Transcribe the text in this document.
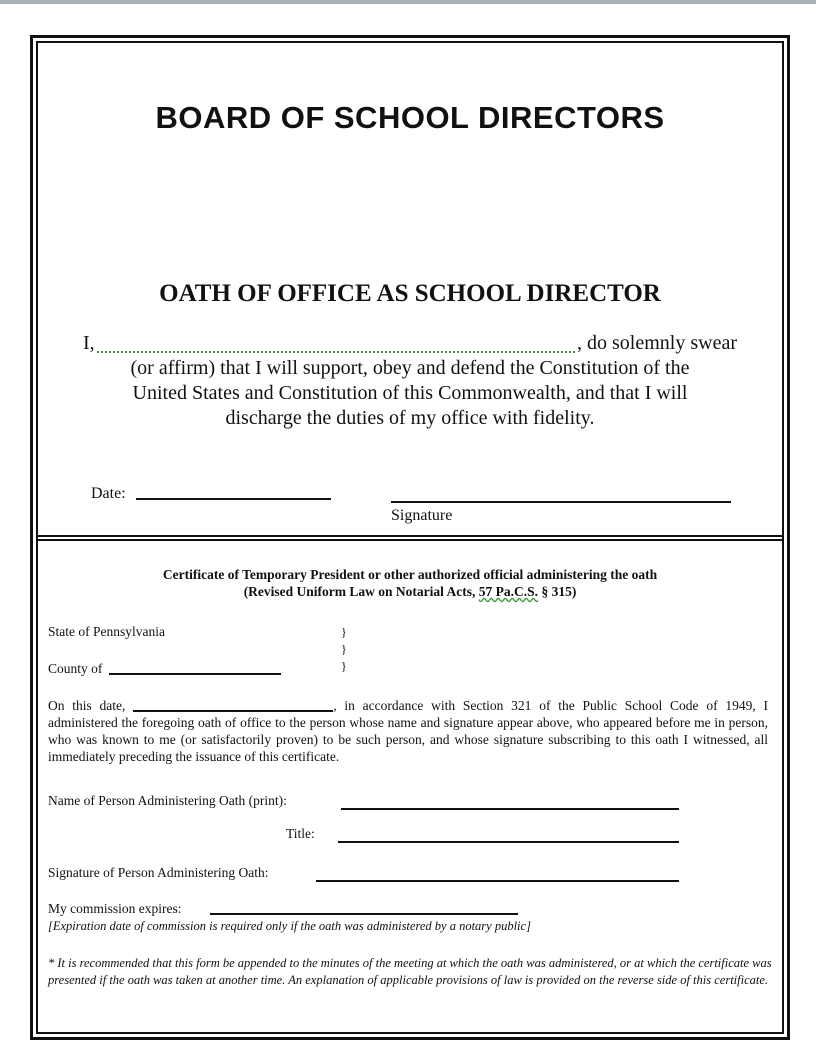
BOARD OF SCHOOL DIRECTORS
OATH OF OFFICE AS SCHOOL DIRECTOR
I,	, do solemnly swear
(or affirm) that I will support, obey and defend the Constitution of the
United States and Constitution of this Commonwealth, and that I will
discharge the duties of my office with fidelity.
Date:
Signature
Certificate of Temporary President or other authorized official administering the oath
(Revised Uniform Law on Notarial Acts, 57 Pa.C.S. § 315)
State of Pennsylvania
County of
}
}
}
On this date,	, in accordance with Section 321 of the Public School Code of 1949, I administered the foregoing oath of office to the person whose name and signature appear above, who appeared before me in person, who was known to me (or satisfactorily proven) to be such person, and whose signature subscribing to this oath I witnessed, all immediately preceding the issuance of this certificate.
Name of Person Administering Oath (print):
Title:
Signature of Person Administering Oath:
My commission expires:
[Expiration date of commission is required only if the oath was administered by a notary public]
* It is recommended that this form be appended to the minutes of the meeting at which the oath was administered, or at which the certificate was presented if the oath was taken at another time. An explanation of applicable provisions of law is provided on the reverse side of this certificate.
